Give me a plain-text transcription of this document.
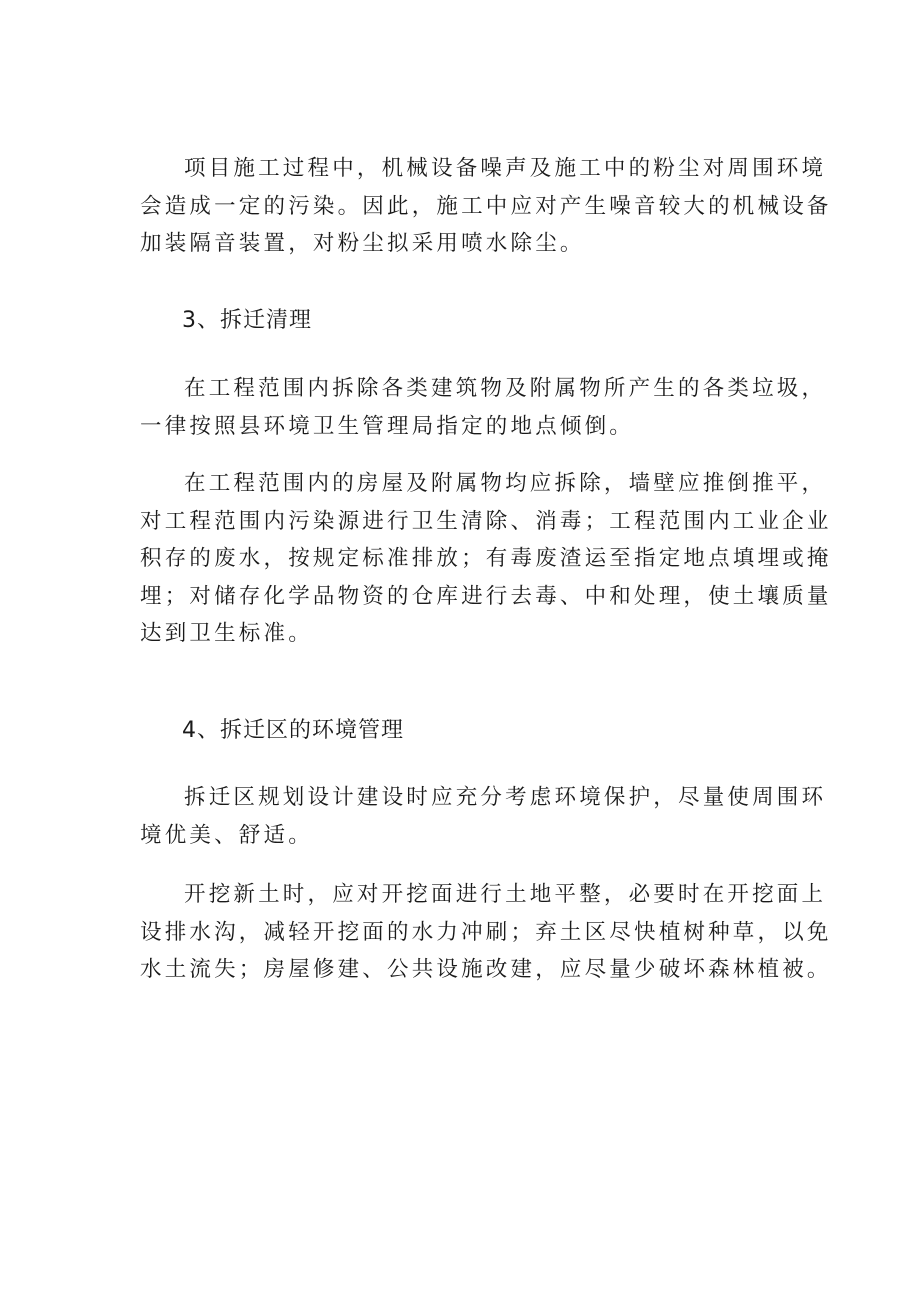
项目施工过程中，机械设备噪声及施工中的粉尘对周围环境
会造成一定的污染。因此，施工中应对产生噪音较大的机械设备
加装隔音装置，对粉尘拟采用喷水除尘。
3、拆迁清理
在工程范围内拆除各类建筑物及附属物所产生的各类垃圾，
一律按照县环境卫生管理局指定的地点倾倒。
在工程范围内的房屋及附属物均应拆除，墙壁应推倒推平，
对工程范围内污染源进行卫生清除、消毒；工程范围内工业企业
积存的废水，按规定标准排放；有毒废渣运至指定地点填埋或掩
埋；对储存化学品物资的仓库进行去毒、中和处理，使土壤质量
达到卫生标准。
4、拆迁区的环境管理
拆迁区规划设计建设时应充分考虑环境保护，尽量使周围环
境优美、舒适。
开挖新土时，应对开挖面进行土地平整，必要时在开挖面上
设排水沟，减轻开挖面的水力冲刷；弃土区尽快植树种草，以免
水土流失；房屋修建、公共设施改建，应尽量少破坏森林植被。
